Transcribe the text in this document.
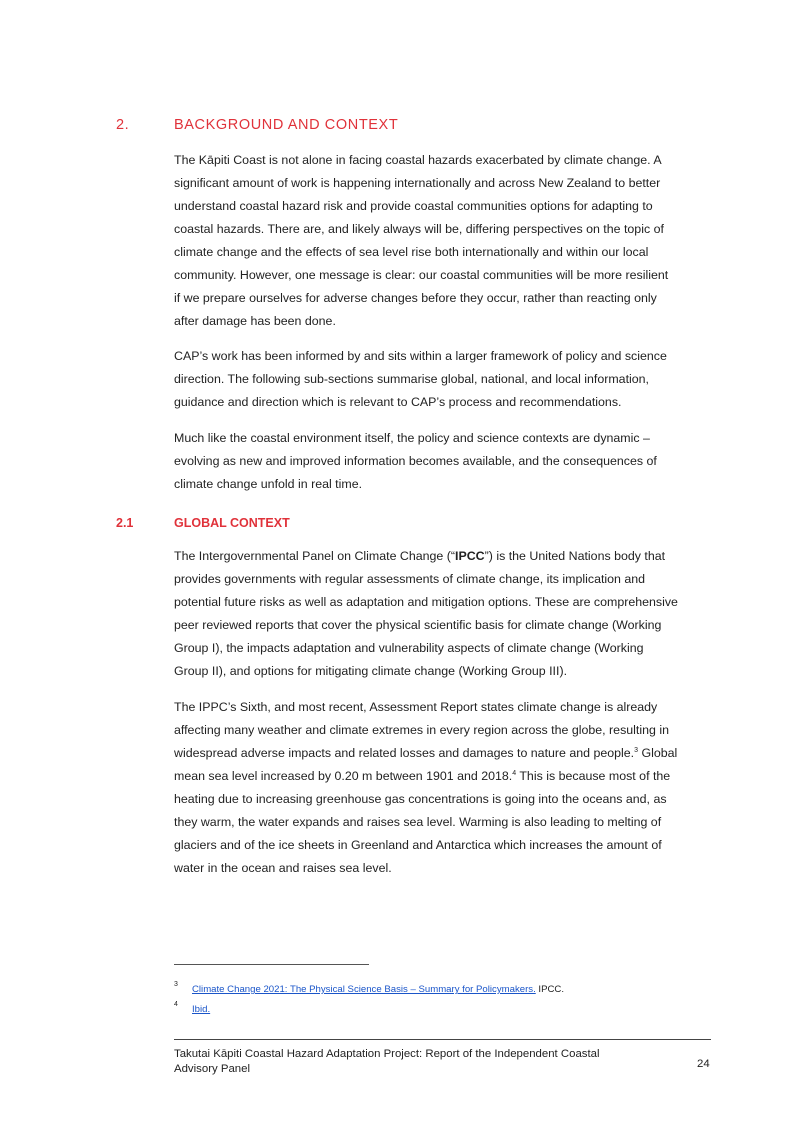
2.	BACKGROUND AND CONTEXT
The Kāpiti Coast is not alone in facing coastal hazards exacerbated by climate change. A
significant amount of work is happening internationally and across New Zealand to better
understand coastal hazard risk and provide coastal communities options for adapting to
coastal hazards. There are, and likely always will be, differing perspectives on the topic of
climate change and the effects of sea level rise both internationally and within our local
community. However, one message is clear: our coastal communities will be more resilient
if we prepare ourselves for adverse changes before they occur, rather than reacting only
after damage has been done.
CAP’s work has been informed by and sits within a larger framework of policy and science
direction. The following sub-sections summarise global, national, and local information,
guidance and direction which is relevant to CAP’s process and recommendations.
Much like the coastal environment itself, the policy and science contexts are dynamic –
evolving as new and improved information becomes available, and the consequences of
climate change unfold in real time.
2.1	GLOBAL CONTEXT
The Intergovernmental Panel on Climate Change (“IPCC”) is the United Nations body that
provides governments with regular assessments of climate change, its implication and
potential future risks as well as adaptation and mitigation options. These are comprehensive
peer reviewed reports that cover the physical scientific basis for climate change (Working
Group I), the impacts adaptation and vulnerability aspects of climate change (Working
Group II), and options for mitigating climate change (Working Group III).
The IPPC’s Sixth, and most recent, Assessment Report states climate change is already
affecting many weather and climate extremes in every region across the globe, resulting in
widespread adverse impacts and related losses and damages to nature and people.$^3$ Global
mean sea level increased by 0.20 m between 1901 and 2018.$^4$ This is because most of the
heating due to increasing greenhouse gas concentrations is going into the oceans and, as
they warm, the water expands and raises sea level. Warming is also leading to melting of
glaciers and of the ice sheets in Greenland and Antarctica which increases the amount of
water in the ocean and raises sea level.
3 Climate Change 2021: The Physical Science Basis – Summary for Policymakers. IPCC.
4 Ibid.
Takutai Kāpiti Coastal Hazard Adaptation Project: Report of the Independent Coastal
Advisory Panel	24
